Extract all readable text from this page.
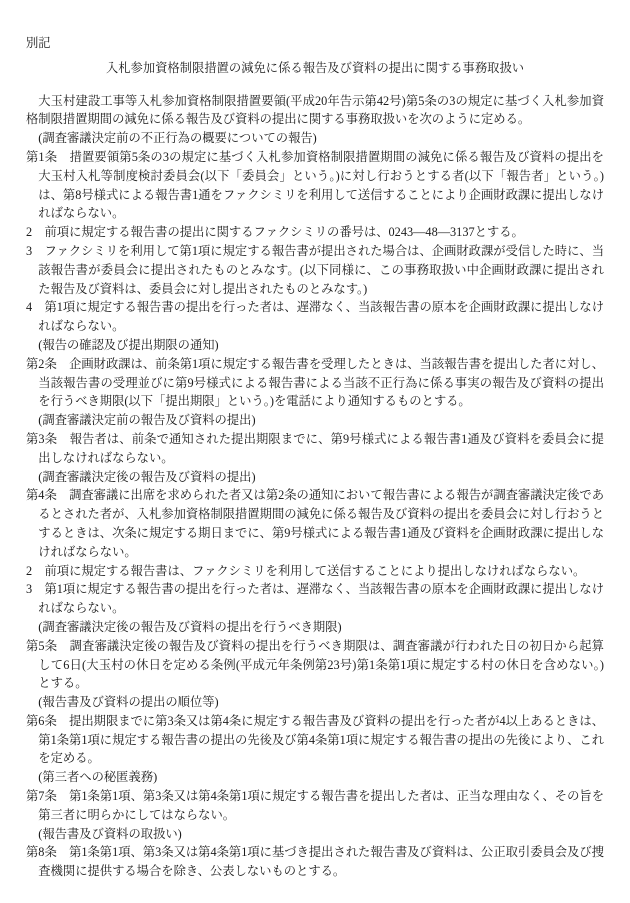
別記
入札参加資格制限措置の減免に係る報告及び資料の提出に関する事務取扱い
大玉村建設工事等入札参加資格制限措置要領(平成20年告示第42号)第5条の3の規定に基づく入札参加資格制限措置期間の減免に係る報告及び資料の提出に関する事務取扱いを次のように定める。
(調査審議決定前の不正行為の概要についての報告)
第1条　 措置要領第5条の3の規定に基づく入札参加資格制限措置期間の減免に係る報告及び資料の提出を大玉村入札等制度検討委員会(以下「委員会」という。)に対し行おうとする者(以下「報告者」という。)は、第8号様式による報告書1通をファクシミリを利用して送信することにより企画財政課に提出しなければならない。
2　 前項に規定する報告書の提出に関するファクシミリの番号は、0243—48—3137とする。
3　 ファクシミリを利用して第1項に規定する報告書が提出された場合は、企画財政課が受信した時に、当該報告書が委員会に提出されたものとみなす。(以下同様に、この事務取扱い中企画財政課に提出された報告及び資料は、委員会に対し提出されたものとみなす。)
4　 第1項に規定する報告書の提出を行った者は、遅滞なく、当該報告書の原本を企画財政課に提出しなければならない。
(報告の確認及び提出期限の通知)
第2条　 企画財政課は、前条第1項に規定する報告書を受理したときは、当該報告書を提出した者に対し、当該報告書の受理並びに第9号様式による報告書による当該不正行為に係る事実の報告及び資料の提出を行うべき期限(以下「提出期限」という。)を電話により通知するものとする。
(調査審議決定前の報告及び資料の提出)
第3条　 報告者は、前条で通知された提出期限までに、第9号様式による報告書1通及び資料を委員会に提出しなければならない。
(調査審議決定後の報告及び資料の提出)
第4条　 調査審議に出席を求められた者又は第2条の通知において報告書による報告が調査審議決定後であるとされた者が、入札参加資格制限措置期間の減免に係る報告及び資料の提出を委員会に対し行おうとするときは、次条に規定する期日までに、第9号様式による報告書1通及び資料を企画財政課に提出しなければならない。
2　 前項に規定する報告書は、ファクシミリを利用して送信することにより提出しなければならない。
3　 第1項に規定する報告書の提出を行った者は、遅滞なく、当該報告書の原本を企画財政課に提出しなければならない。
(調査審議決定後の報告及び資料の提出を行うべき期限)
第5条　 調査審議決定後の報告及び資料の提出を行うべき期限は、調査審議が行われた日の初日から起算して6日(大玉村の休日を定める条例(平成元年条例第23号)第1条第1項に規定する村の休日を含めない。)とする。
(報告書及び資料の提出の順位等)
第6条　 提出期限までに第3条又は第4条に規定する報告書及び資料の提出を行った者が4以上あるときは、第1条第1項に規定する報告書の提出の先後及び第4条第1項に規定する報告書の提出の先後により、これを定める。
(第三者への秘匿義務)
第7条　 第1条第1項、第3条又は第4条第1項に規定する報告書を提出した者は、正当な理由なく、その旨を第三者に明らかにしてはならない。
(報告書及び資料の取扱い)
第8条　 第1条第1項、第3条又は第4条第1項に基づき提出された報告書及び資料は、公正取引委員会及び捜査機関に提供する場合を除き、公表しないものとする。
